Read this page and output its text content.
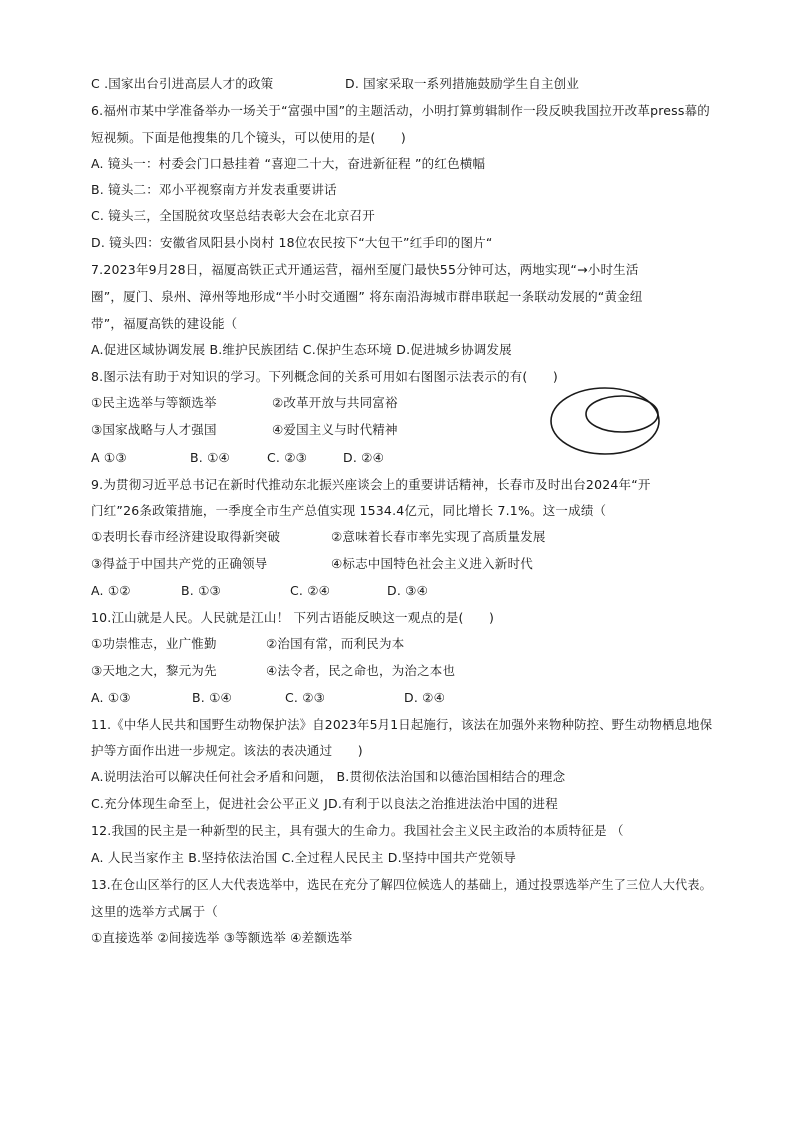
C .国家出台引进高层人才的政策	D. 国家采取一系列措施鼓励学生自主创业
6.福州市某中学准备举办一场关于“富强中国”的主题活动，小明打算剪辑制作一段反映我国拉开改革press幕的
短视频。下面是他搜集的几个镜头，可以使用的是(　　)
A. 镜头一：村委会门口悬挂着 “喜迎二十大，奋进新征程 ”的红色横幅
B. 镜头二：邓小平视察南方并发表重要讲话
C. 镜头三，全国脱贫攻坚总结表彰大会在北京召开
D. 镜头四：安徽省凤阳县小岗村 18位农民按下“大包干”红手印的图片“
7.2023年9月28日，福厦高铁正式开通运营，福州至厦门最快55分钟可达，两地实现“→小时生活
圈”，厦门、泉州、漳州等地形成“半小时交通圈” 将东南沿海城市群串联起一条联动发展的“黄金纽
带”，福厦高铁的建设能（
A.促进区域协调发展 B.维护民族团结 C.保护生态环境 D.促进城乡协调发展
8.图示法有助于对知识的学习。下列概念间的关系可用如右图图示法表示的有(　　)
①民主选举与等额选举	②改革开放与共同富裕
③国家战略与人才强国	④爱国主义与时代精神
A ①③	B. ①④	C. ②③	D. ②④
9.为贯彻习近平总书记在新时代推动东北振兴座谈会上的重要讲话精神，长春市及时出台2024年“开
门红”26条政策措施，一季度全市生产总值实现 1534.4亿元，同比增长 7.1%。这一成绩（
①表明长春市经济建设取得新突破	②意味着长春市率先实现了高质量发展
③得益于中国共产党的正确领导	④标志中国特色社会主义进入新时代
A. ①②	B. ①③	C. ②④	D. ③④
10.江山就是人民。人民就是江山！ 下列古语能反映这一观点的是(　　)
①功崇惟志，业广惟勤	②治国有常，而利民为本
③天地之大，黎元为先	④法令者，民之命也，为治之本也
A. ①③	B. ①④	C. ②③	D. ②④
11.《中华人民共和国野生动物保护法》自2023年5月1日起施行，该法在加强外来物种防控、野生动物栖息地保
护等方面作出进一步规定。该法的表决通过　　)
A.说明法治可以解决任何社会矛盾和问题， B.贯彻依法治国和以德治国相结合的理念
C.充分体现生命至上，促进社会公平正义 JD.有利于以良法之治推进法治中国的进程
12.我国的民主是一种新型的民主，具有强大的生命力。我国社会主义民主政治的本质特征是 （
A. 人民当家作主 B.坚持依法治国 C.全过程人民民主 D.坚持中国共产党领导
13.在仓山区举行的区人大代表选举中，选民在充分了解四位候选人的基础上，通过投票选举产生了三位人大代表。
这里的选举方式属于（
①直接选举 ②间接选举 ③等额选举 ④差额选举
